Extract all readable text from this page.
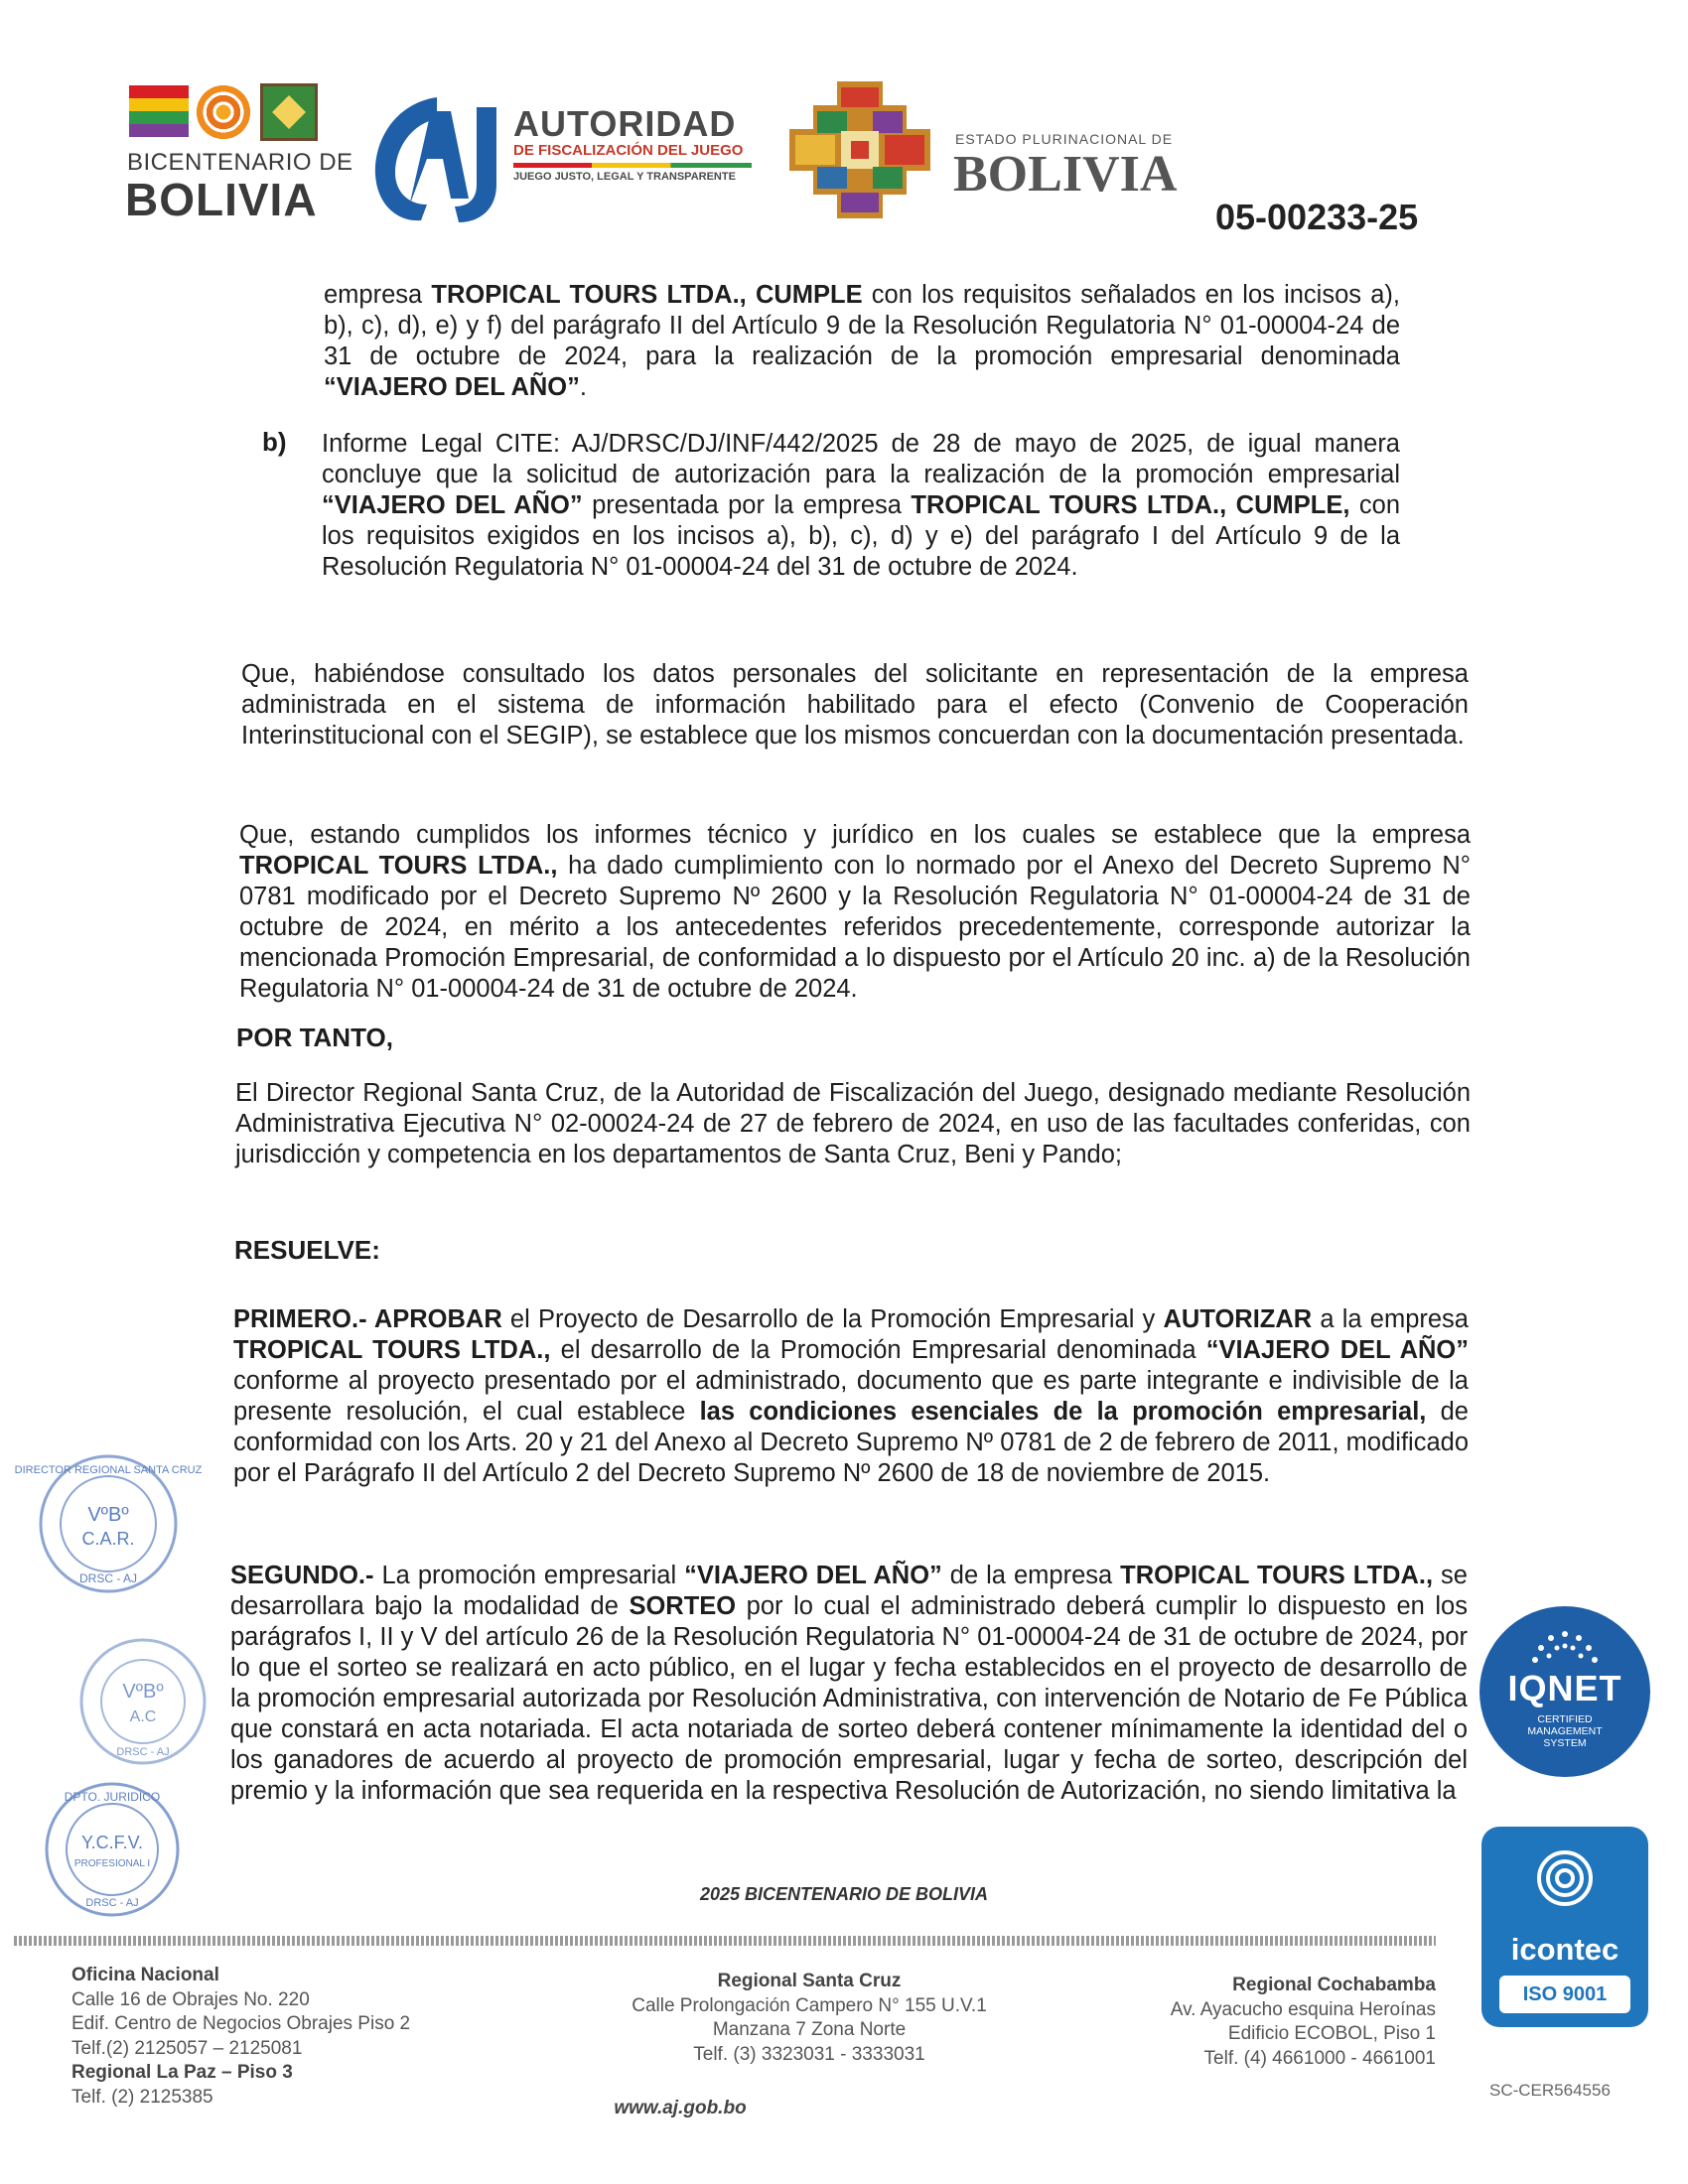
BICENTENARIO DE
BOLIVIA
AUTORIDAD
DE FISCALIZACIÓN DEL JUEGO
JUEGO JUSTO, LEGAL Y TRANSPARENTE
ESTADO PLURINACIONAL DE
BOLIVIA
05-00233-25
empresa TROPICAL TOURS LTDA., CUMPLE con los requisitos señalados en los incisos a), b), c), d), e) y f) del parágrafo II del Artículo 9 de la Resolución Regulatoria N° 01-00004-24 de 31 de octubre de 2024, para la realización de la promoción empresarial denominada “VIAJERO DEL AÑO”.
b) Informe Legal CITE: AJ/DRSC/DJ/INF/442/2025 de 28 de mayo de 2025, de igual manera concluye que la solicitud de autorización para la realización de la promoción empresarial “VIAJERO DEL AÑO” presentada por la empresa TROPICAL TOURS LTDA., CUMPLE, con los requisitos exigidos en los incisos a), b), c), d) y e) del parágrafo I del Artículo 9 de la Resolución Regulatoria N° 01-00004-24 del 31 de octubre de 2024.
Que, habiéndose consultado los datos personales del solicitante en representación de la empresa administrada en el sistema de información habilitado para el efecto (Convenio de Cooperación Interinstitucional con el SEGIP), se establece que los mismos concuerdan con la documentación presentada.
Que, estando cumplidos los informes técnico y jurídico en los cuales se establece que la empresa TROPICAL TOURS LTDA., ha dado cumplimiento con lo normado por el Anexo del Decreto Supremo N° 0781 modificado por el Decreto Supremo Nº 2600 y la Resolución Regulatoria N° 01-00004-24 de 31 de octubre de 2024, en mérito a los antecedentes referidos precedentemente, corresponde autorizar la mencionada Promoción Empresarial, de conformidad a lo dispuesto por el Artículo 20 inc. a) de la Resolución Regulatoria N° 01-00004-24 de 31 de octubre de 2024.
POR TANTO,
El Director Regional Santa Cruz, de la Autoridad de Fiscalización del Juego, designado mediante Resolución Administrativa Ejecutiva N° 02-00024-24 de 27 de febrero de 2024, en uso de las facultades conferidas, con jurisdicción y competencia en los departamentos de Santa Cruz, Beni y Pando;
RESUELVE:
PRIMERO.- APROBAR el Proyecto de Desarrollo de la Promoción Empresarial y AUTORIZAR a la empresa TROPICAL TOURS LTDA., el desarrollo de la Promoción Empresarial denominada “VIAJERO DEL AÑO” conforme al proyecto presentado por el administrado, documento que es parte integrante e indivisible de la presente resolución, el cual establece las condiciones esenciales de la promoción empresarial, de conformidad con los Arts. 20 y 21 del Anexo al Decreto Supremo Nº 0781 de 2 de febrero de 2011, modificado por el Parágrafo II del Artículo 2 del Decreto Supremo Nº 2600 de 18 de noviembre de 2015.
SEGUNDO.- La promoción empresarial “VIAJERO DEL AÑO” de la empresa TROPICAL TOURS LTDA., se desarrollara bajo la modalidad de SORTEO por lo cual el administrado deberá cumplir lo dispuesto en los parágrafos I, II y V del artículo 26 de la Resolución Regulatoria N° 01-00004-24 de 31 de octubre de 2024, por lo que el sorteo se realizará en acto público, en el lugar y fecha establecidos en el proyecto de desarrollo de la promoción empresarial autorizada por Resolución Administrativa, con intervención de Notario de Fe Pública que constará en acta notariada. El acta notariada de sorteo deberá contener mínimamente la identidad del o los ganadores de acuerdo al proyecto de promoción empresarial, lugar y fecha de sorteo, descripción del premio y la información que sea requerida en la respectiva Resolución de Autorización, no siendo limitativa la
DIRECTOR REGIONAL SANTA CRUZ
VºBº
C.A.R.
DRSC - AJ
VºBº
A.C
DRSC - AJ
DPTO. JURIDICO
Y.C.F.V.
PROFESIONAL I
DRSC - AJ	2025 BICENTENARIO DE BOLIVIA
Oficina Nacional
Calle 16 de Obrajes No. 220
Edif. Centro de Negocios Obrajes Piso 2
Telf.(2) 2125057 – 2125081
Regional La Paz – Piso 3
Telf. (2) 2125385
Regional Santa Cruz
Calle Prolongación Campero N° 155 U.V.1
Manzana 7 Zona Norte
Telf. (3) 3323031 - 3333031
Regional Cochabamba
Av. Ayacucho esquina Heroínas
Edificio ECOBOL, Piso 1
Telf. (4) 4661000 - 4661001
www.aj.gob.bo
IQNET
CERTIFIED
MANAGEMENT
SYSTEM
icontec
ISO 9001
SC-CER564556
